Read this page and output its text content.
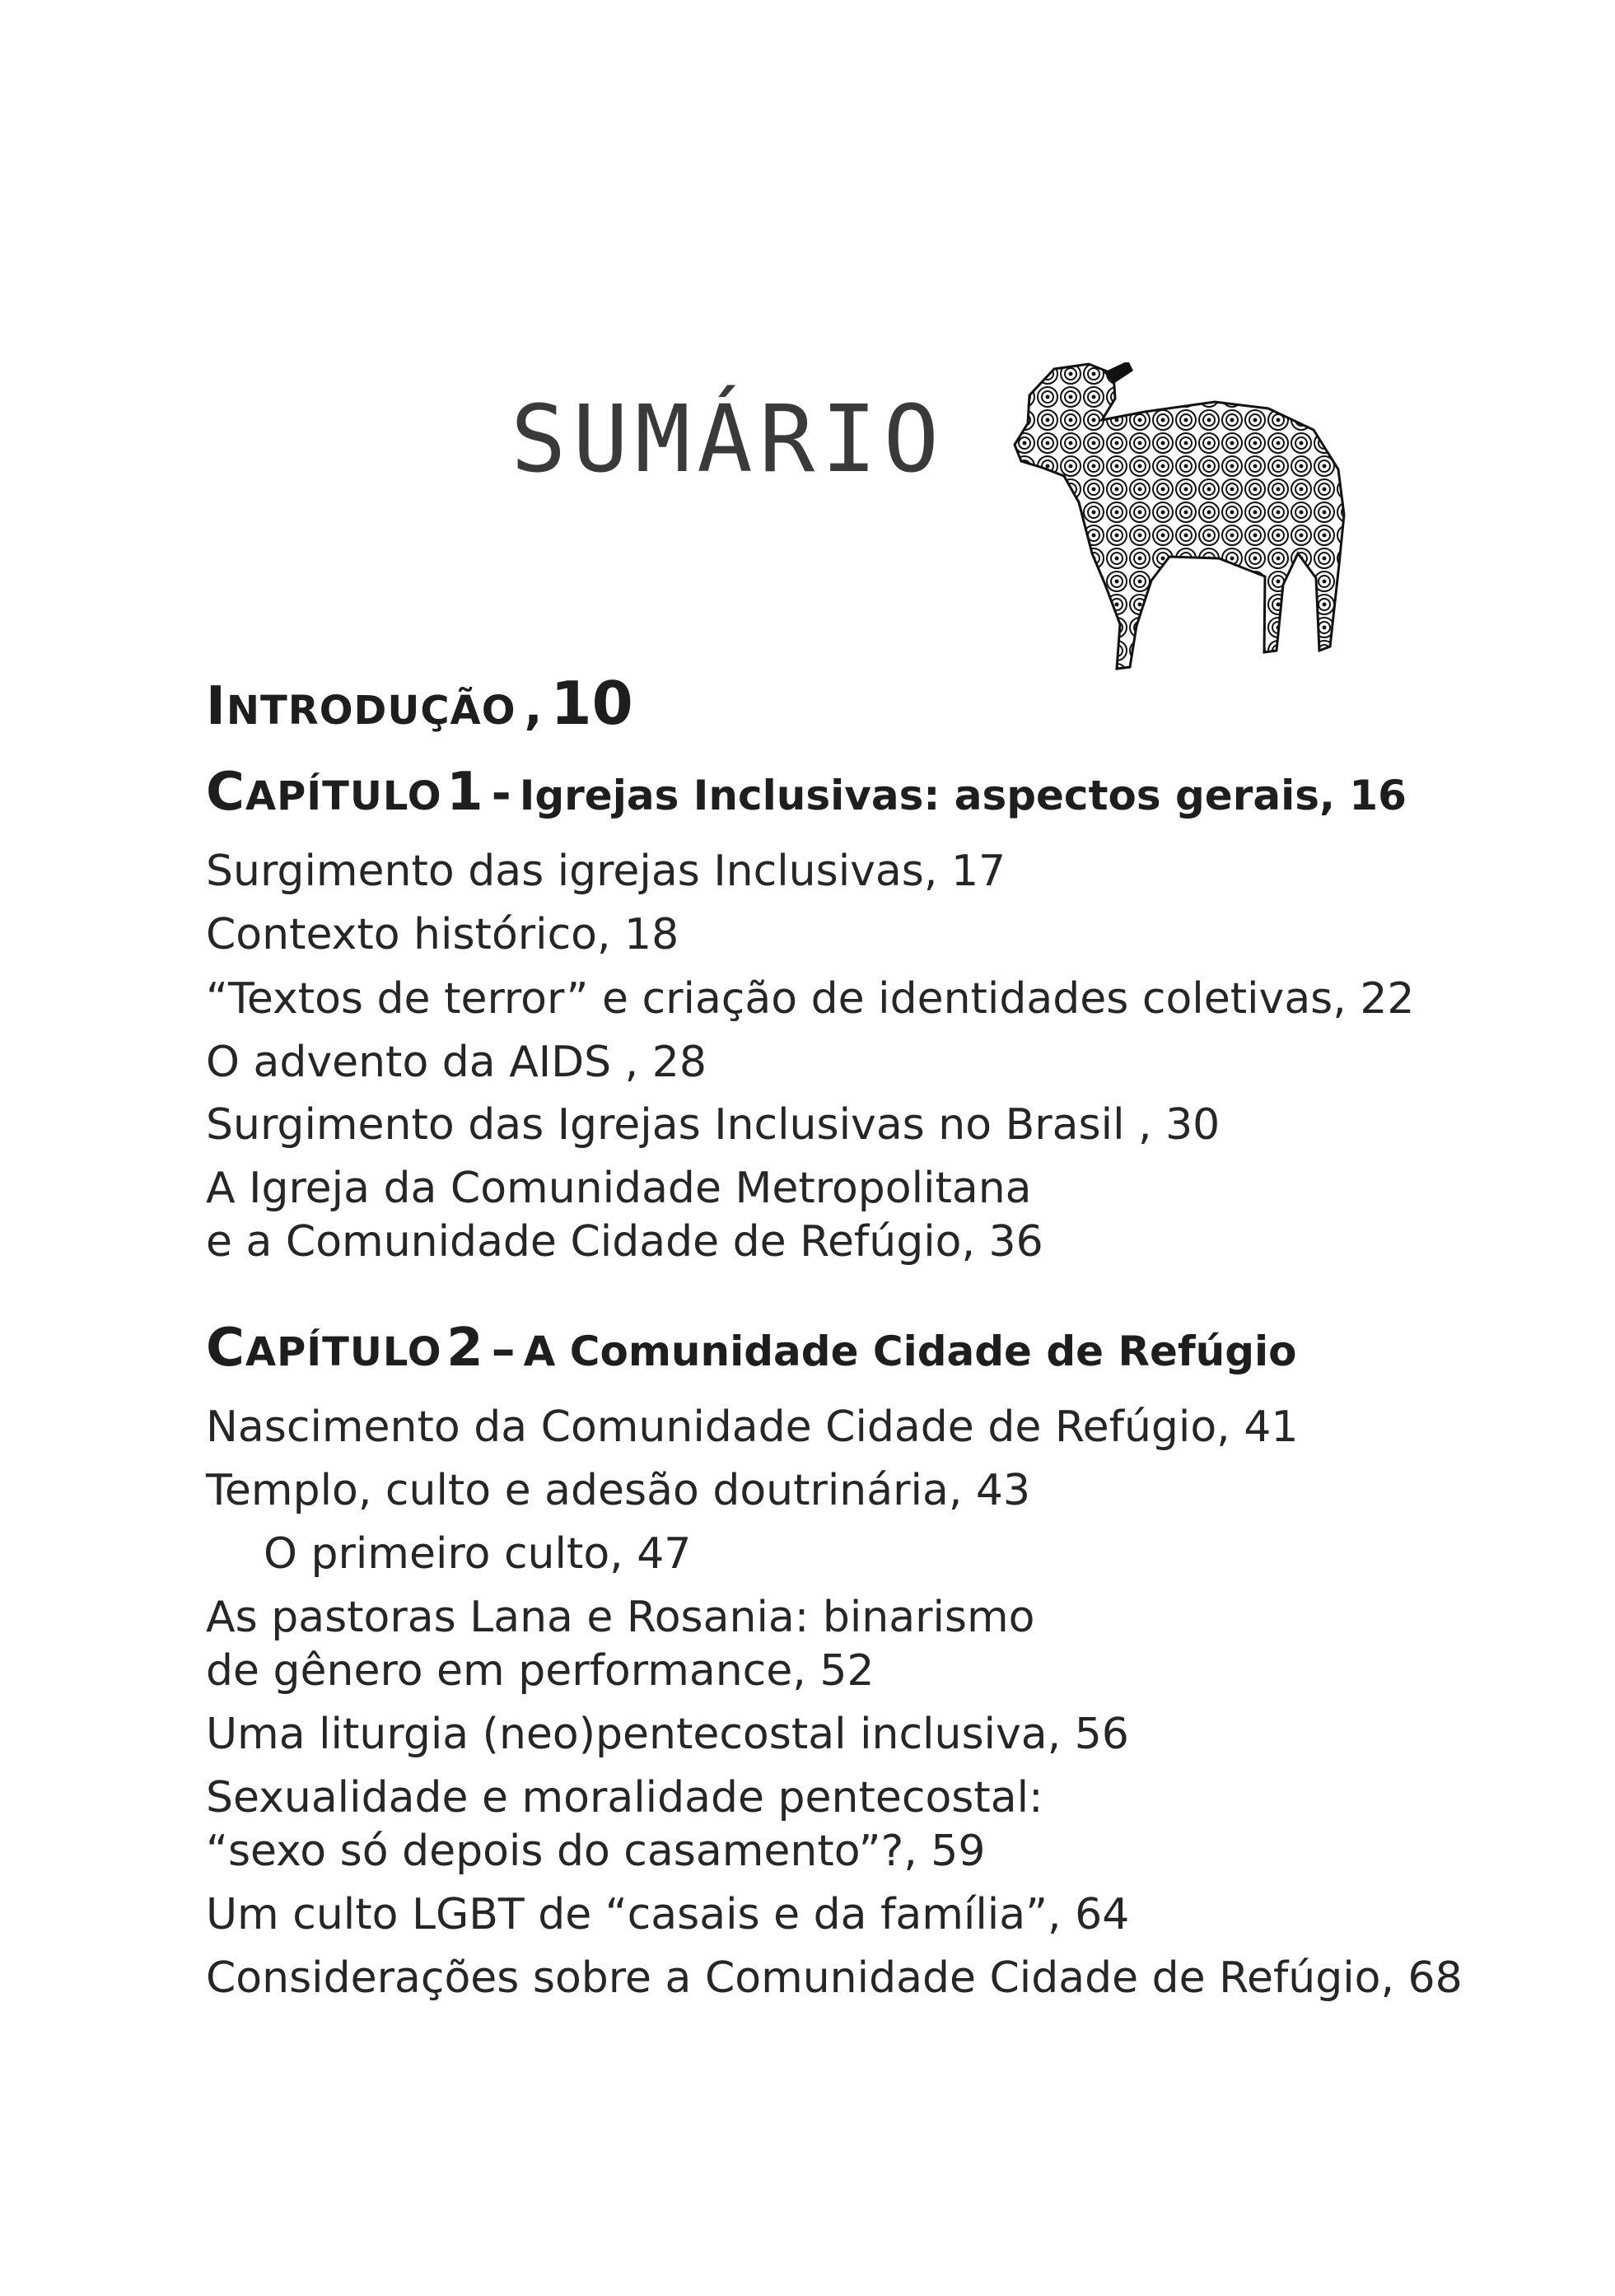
SUMÁRIO
INTRODUÇÃO , 10
CAPÍTULO 1 - Igrejas Inclusivas: aspectos gerais, 16
Surgimento das igrejas Inclusivas, 17
Contexto histórico, 18
“Textos de terror” e criação de identidades coletivas, 22
O advento da AIDS , 28
Surgimento das Igrejas Inclusivas no Brasil , 30
A Igreja da Comunidade Metropolitana
e a Comunidade Cidade de Refúgio, 36
CAPÍTULO 2 – A Comunidade Cidade de Refúgio
Nascimento da Comunidade Cidade de Refúgio, 41
Templo, culto e adesão doutrinária, 43
O primeiro culto, 47
As pastoras Lana e Rosania: binarismo
de gênero em performance, 52
Uma liturgia (neo)pentecostal inclusiva, 56
Sexualidade e moralidade pentecostal:
“sexo só depois do casamento”?, 59
Um culto LGBT de “casais e da família”, 64
Considerações sobre a Comunidade Cidade de Refúgio, 68
